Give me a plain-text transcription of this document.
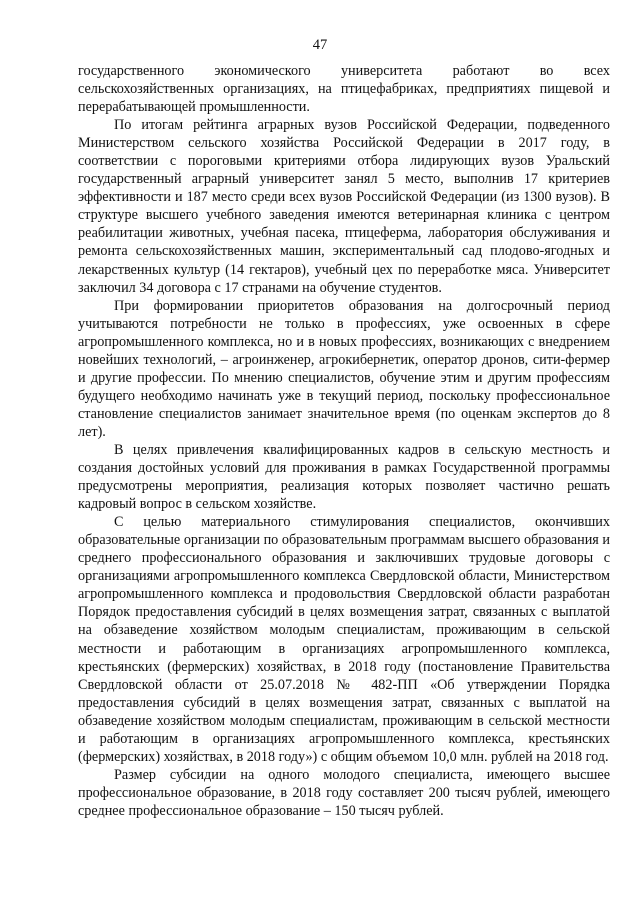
47

государственного экономического университета работают во всех сельскохозяйственных организациях, на птицефабриках, предприятиях пищевой и перерабатывающей промышленности.

По итогам рейтинга аграрных вузов Российской Федерации, подведенного Министерством сельского хозяйства Российской Федерации в 2017 году, в соответствии с пороговыми критериями отбора лидирующих вузов Уральский государственный аграрный университет занял 5 место, выполнив 17 критериев эффективности и 187 место среди всех вузов Российской Федерации (из 1300 вузов). В структуре высшего учебного заведения имеются ветеринарная клиника с центром реабилитации животных, учебная пасека, птицеферма, лаборатория обслуживания и ремонта сельскохозяйственных машин, экспериментальный сад плодово-ягодных и лекарственных культур (14 гектаров), учебный цех по переработке мяса. Университет заключил 34 договора с 17 странами на обучение студентов.

При формировании приоритетов образования на долгосрочный период учитываются потребности не только в профессиях, уже освоенных в сфере агропромышленного комплекса, но и в новых профессиях, возникающих с внедрением новейших технологий, – агроинженер, агрокибернетик, оператор дронов, сити-фермер и другие профессии. По мнению специалистов, обучение этим и другим профессиям будущего необходимо начинать уже в текущий период, поскольку профессиональное становление специалистов занимает значительное время (по оценкам экспертов до 8 лет).

В целях привлечения квалифицированных кадров в сельскую местность и создания достойных условий для проживания в рамках Государственной программы предусмотрены мероприятия, реализация которых позволяет частично решать кадровый вопрос в сельском хозяйстве.

С целью материального стимулирования специалистов, окончивших образовательные организации по образовательным программам высшего образования и среднего профессионального образования и заключивших трудовые договоры с организациями агропромышленного комплекса Свердловской области, Министерством агропромышленного комплекса и продовольствия Свердловской области разработан Порядок предоставления субсидий в целях возмещения затрат, связанных с выплатой на обзаведение хозяйством молодым специалистам, проживающим в сельской местности и работающим в организациях агропромышленного комплекса, крестьянских (фермерских) хозяйствах, в 2018 году (постановление Правительства Свердловской области от 25.07.2018 № 482-ПП «Об утверждении Порядка предоставления субсидий в целях возмещения затрат, связанных с выплатой на обзаведение хозяйством молодым специалистам, проживающим в сельской местности и работающим в организациях агропромышленного комплекса, крестьянских (фермерских) хозяйствах, в 2018 году») с общим объемом 10,0 млн. рублей на 2018 год.

Размер субсидии на одного молодого специалиста, имеющего высшее профессиональное образование, в 2018 году составляет 200 тысяч рублей, имеющего среднее профессиональное образование – 150 тысяч рублей.
